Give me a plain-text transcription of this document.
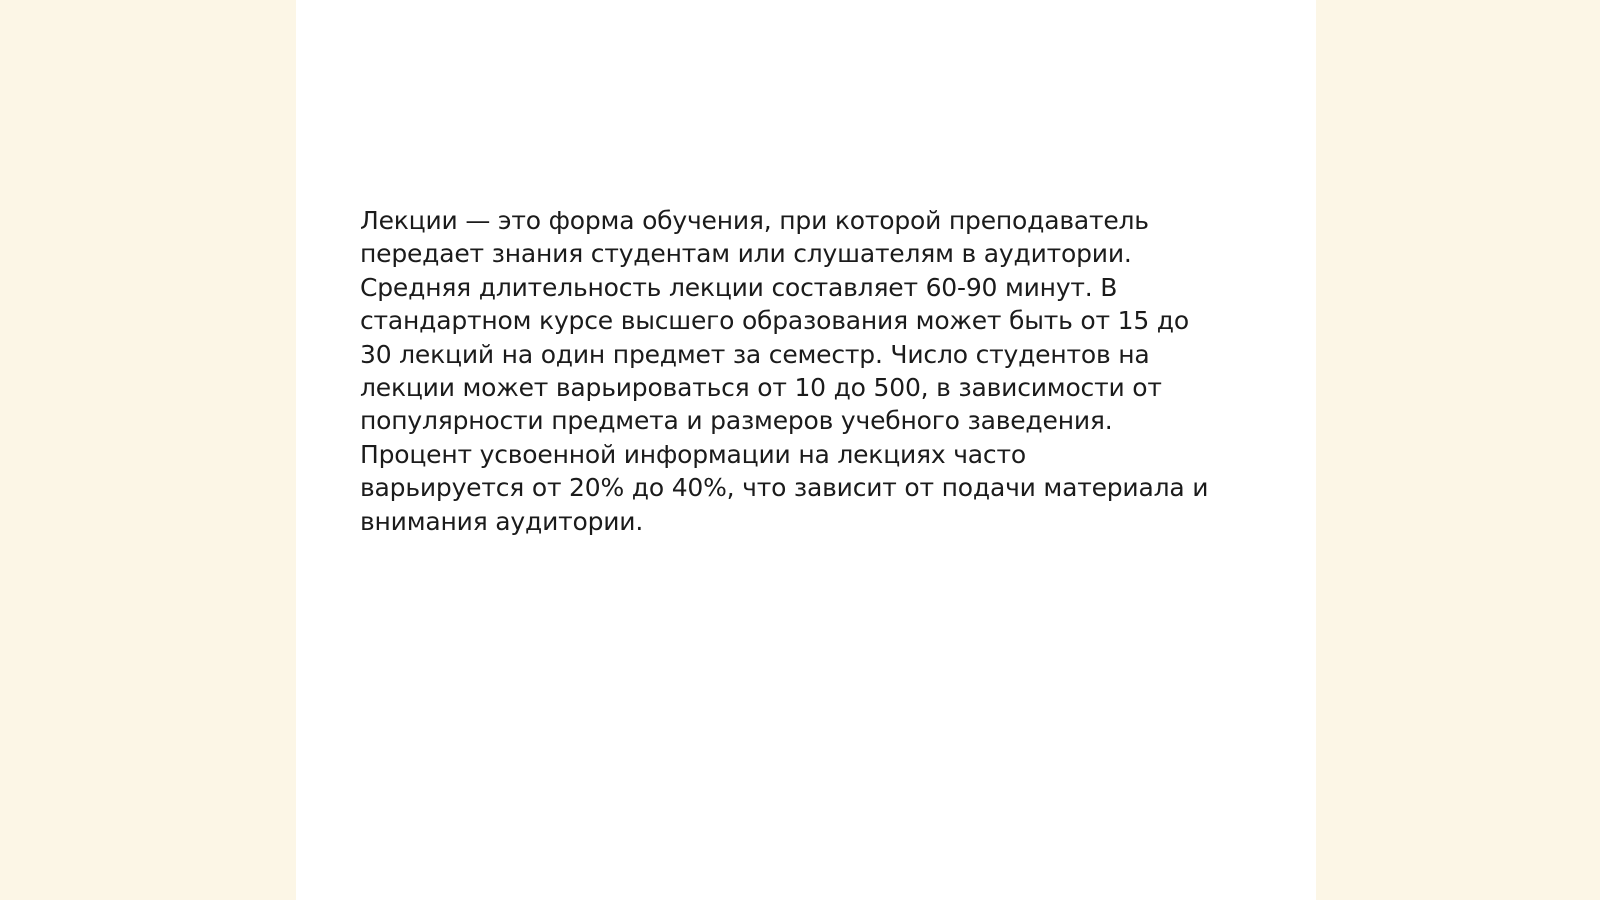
Лекции — это форма обучения, при которой преподаватель
передает знания студентам или слушателям в аудитории.
Средняя длительность лекции составляет 60-90 минут. В
стандартном курсе высшего образования может быть от 15 до
30 лекций на один предмет за семестр. Число студентов на
лекции может варьироваться от 10 до 500, в зависимости от
популярности предмета и размеров учебного заведения.
Процент усвоенной информации на лекциях часто
варьируется от 20% до 40%, что зависит от подачи материала и
внимания аудитории.
